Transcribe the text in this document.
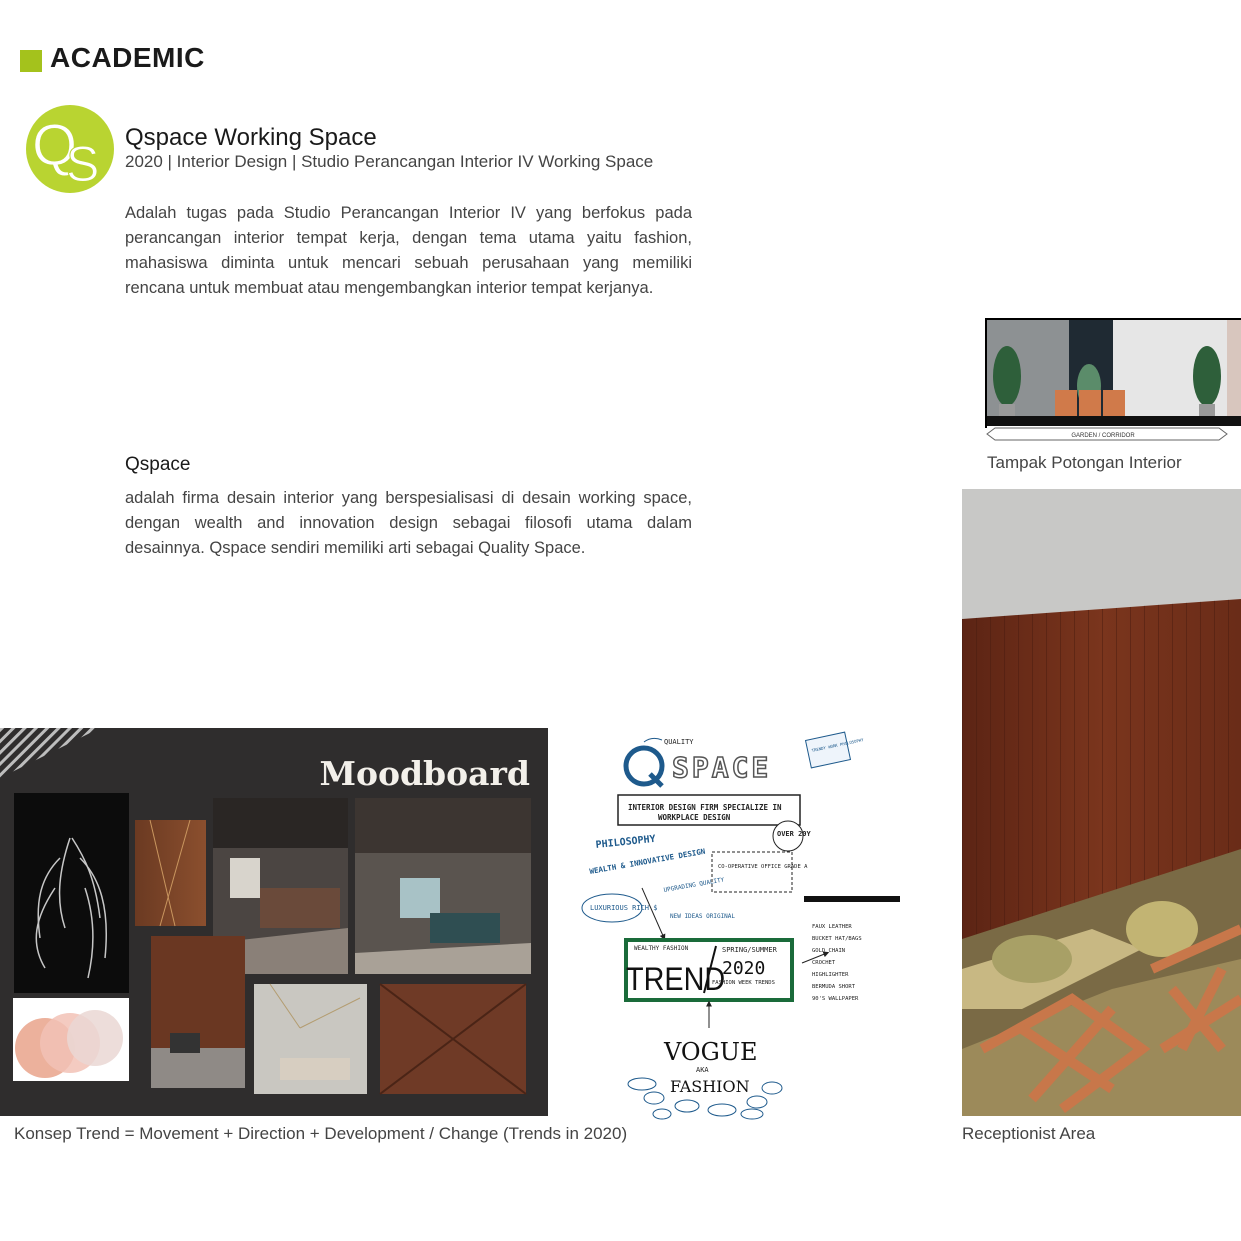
ACADEMIC
Q
S Qspace Working Space
2020 | Interior Design | Studio Perancangan Interior IV Working Space
Adalah tugas pada Studio Perancangan Interior IV yang berfokus pada perancangan interior tempat kerja, dengan tema utama yaitu fashion, mahasiswa diminta untuk mencari sebuah perusahaan yang memiliki rencana untuk membuat atau mengembangkan interior tempat kerjanya.
Qspace
adalah firma desain interior yang berspesialisasi di desain working space, dengan wealth and innovation design sebagai filosofi utama dalam desainnya. Qspace sendiri memiliki arti sebagai Quality Space.
GARDEN / CORRIDOR
Tampak Potongan Interior
Moodboard
Konsep Trend = Movement + Direction + Development / Change (Trends in 2020)
QUALITY
SPACE
TRENDY WORK PHILOSOPHY
INTERIOR DESIGN FIRM SPECIALIZE IN
WORKPLACE DESIGN
OVER 20Y
PHILOSOPHY
WEALTH & INNOVATIVE DESIGN CO-OPERATIVE OFFICE GRADE A
LUXURIOUS RICH $
UPGRADING QUALITY
NEW IDEAS ORIGINAL
WEALTHY FASHION
TREND
SPRING/SUMMER
2020
FASHION WEEK TRENDS
FAUX LEATHER
BUCKET HAT/BAGS
GOLD CHAIN
CROCHET
HIGHLIGHTER
BERMUDA SHORT
90'S WALLPAPER
VOGUE
AKA
FASHION
Receptionist Area
